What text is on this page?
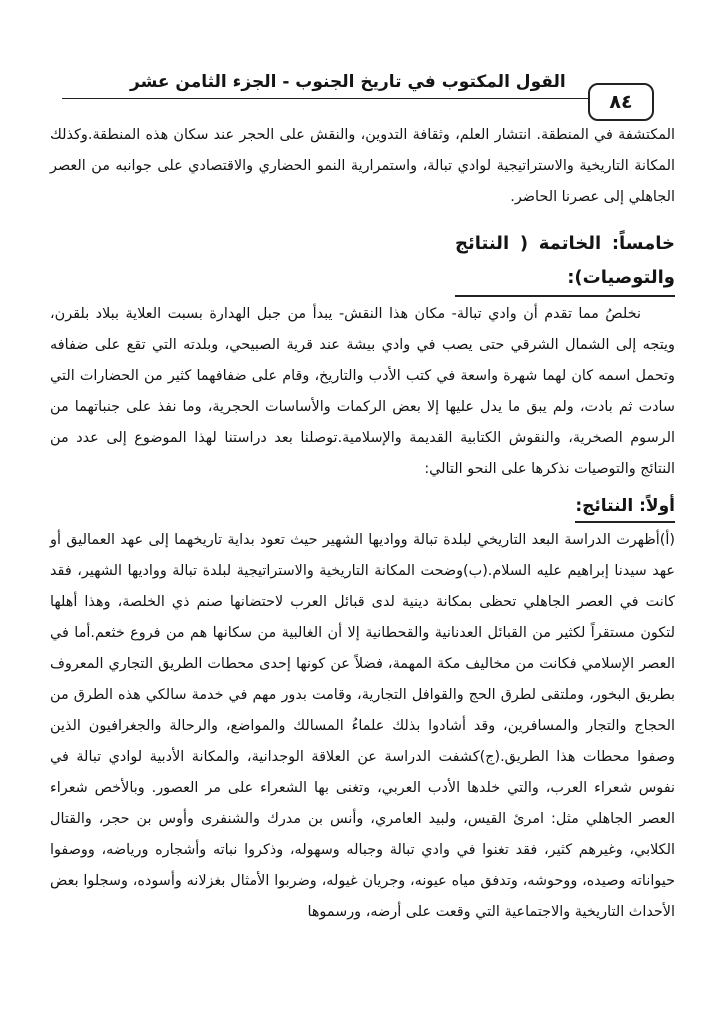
القول المكتوب في تاريخ الجنوب - الجزء الثامن عشر
٨٤

المكتشفة في المنطقة. انتشار العلم، وثقافة التدوين، والنقش على الحجر عند سكان هذه المنطقة.وكذلك المكانة التاريخية والاستراتيجية لوادي تبالة، واستمرارية النمو الحضاري والاقتصادي على جوانبه من العصر الجاهلي إلى عصرنا الحاضر.

خامساً: الخاتمة ( النتائج والتوصيات):

نخلصُ مما تقدم أن وادي تبالة- مكان هذا النقش- يبدأ من جبل الهدارة بسبت العلاية ببلاد بلقرن، ويتجه إلى الشمال الشرقي حتى يصب في وادي بيشة عند قرية الصبيحي، وبلدته التي تقع على ضفافه وتحمل اسمه كان لهما شهرة واسعة في كتب الأدب والتاريخ، وقام على ضفافهما كثير من الحضارات التي سادت ثم بادت، ولم يبق ما يدل عليها إلا بعض الركمات والأساسات الحجرية، وما نفذ على جنباتهما من الرسوم الصخرية، والنقوش الكتابية القديمة والإسلامية.توصلنا بعد دراستنا لهذا الموضوع إلى عدد من النتائج والتوصيات نذكرها على النحو التالي:

أولاً: النتائج:

(أ)أظهرت الدراسة البعد التاريخي لبلدة تبالة وواديها الشهير حيث تعود بداية تاريخهما إلى عهد العماليق أو عهد سيدنا إبراهيم عليه السلام.(ب)وضحت المكانة التاريخية والاستراتيجية لبلدة تبالة وواديها الشهير، فقد كانت في العصر الجاهلي تحظى بمكانة دينية لدى قبائل العرب لاحتضانها صنم ذي الخلصة، وهذا أهلها لتكون مستقراً لكثير من القبائل العدنانية والقحطانية إلا أن الغالبية من سكانها هم من فروع خثعم.أما في العصر الإسلامي فكانت من مخاليف مكة المهمة، فضلاً عن كونها إحدى محطات الطريق التجاري المعروف بطريق البخور، وملتقى لطرق الحج والقوافل التجارية، وقامت بدور مهم في خدمة سالكي هذه الطرق من الحجاج والتجار والمسافرين، وقد أشادوا بذلك علماءُ المسالك والمواضع، والرحالة والجغرافيون الذين وصفوا محطات هذا الطريق.(ج)كشفت الدراسة عن العلاقة الوجدانية، والمكانة الأدبية لوادي تبالة في نفوس شعراء العرب، والتي خلدها الأدب العربي، وتغنى بها الشعراء على مر العصور. وبالأخص شعراء العصر الجاهلي مثل: امرئ القيس، ولبيد العامري، وأنس بن مدرك والشنفرى وأوس بن حجر، والقتال الكلابي، وغيرهم كثير، فقد تغنوا في وادي تبالة وجباله وسهوله، وذكروا نباته وأشجاره ورياضه، ووصفوا حيواناته وصيده، ووحوشه، وتدفق مياه عيونه، وجريان غيوله، وضربوا الأمثال بغزلانه وأسوده، وسجلوا بعض الأحداث التاريخية والاجتماعية التي وقعت على أرضه، ورسموها
